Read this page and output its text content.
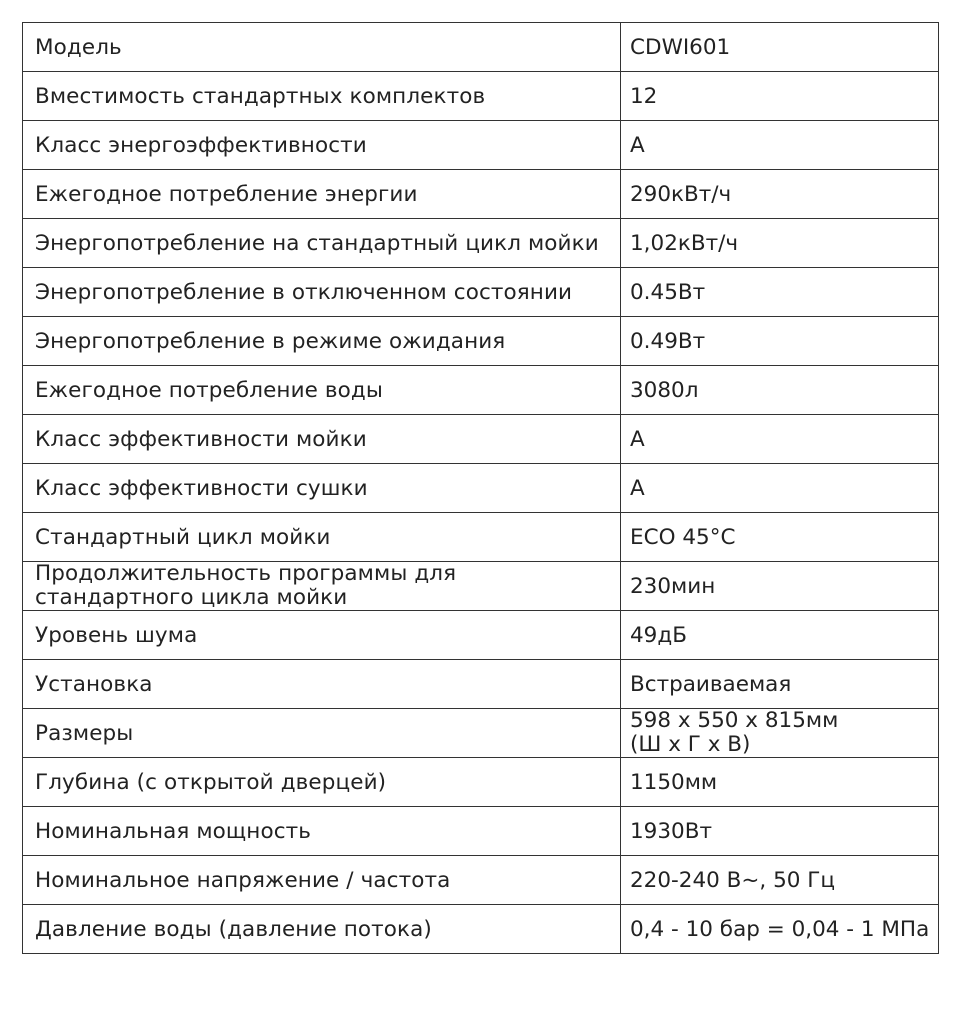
Модель	CDWI601
Вместимость стандартных комплектов	12
Класс энергоэффективности	A
Ежегодное потребление энергии	290кВт/ч
Энергопотребление на стандартный цикл мойки	1,02кВт/ч
Энергопотребление в отключенном состоянии	0.45Вт
Энергопотребление в режиме ожидания	0.49Вт
Ежегодное потребление воды	3080л
Класс эффективности мойки	A
Класс эффективности сушки	A
Стандартный цикл мойки	ECO 45°C

Продолжительность программы для
стандартного цикла мойки	230мин
Уровень шума	49дБ
Установка	Встраиваемая
Размеры	598 x 550 x 815мм
(Ш x Г x В)

Глубина (с открытой дверцей)	1150мм
Номинальная мощность	1930Вт
Номинальное напряжение / частота	220-240 В~, 50 Гц
Давление воды (давление потока)	0,4 - 10 бар = 0,04 - 1 МПа
